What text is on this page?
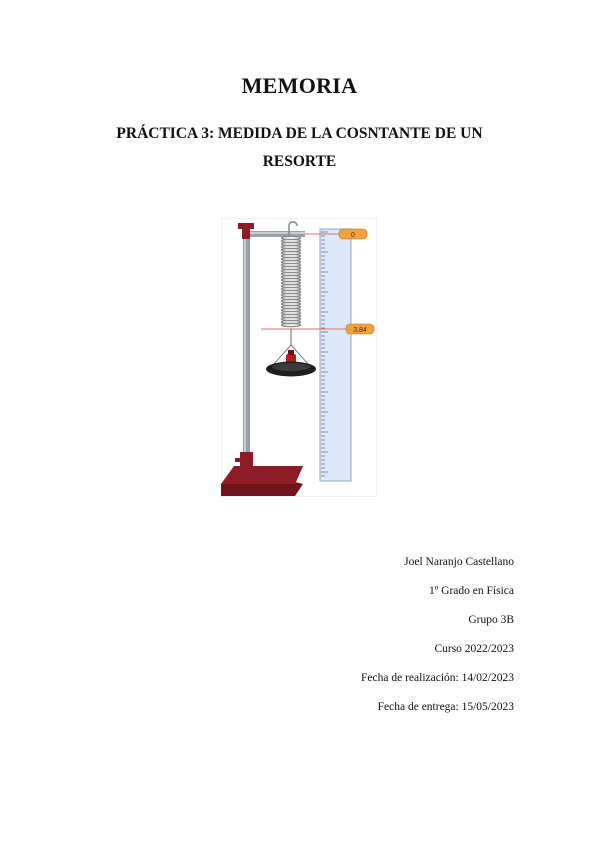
MEMORIA
PRÁCTICA 3: MEDIDA DE LA COSNTANTE DE UN
RESORTE
0
3.84
Joel Naranjo Castellano
1º Grado en Física
Grupo 3B
Curso 2022/2023
Fecha de realización: 14/02/2023
Fecha de entrega: 15/05/2023
